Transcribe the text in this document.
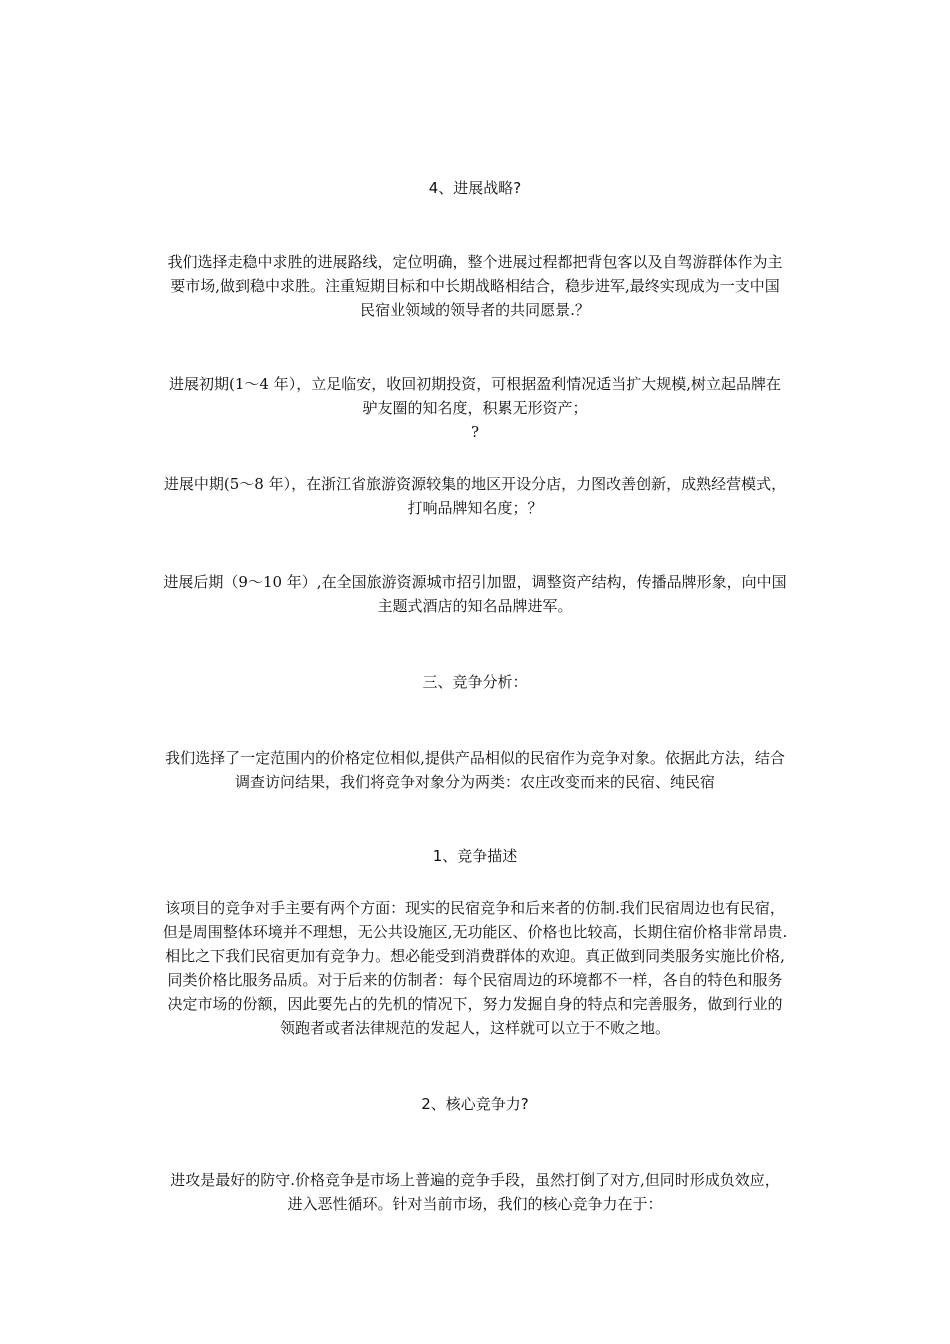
4、进展战略?
我们选择走稳中求胜的进展路线，定位明确，整个进展过程都把背包客以及自驾游群体作为主
要市场,做到稳中求胜。注重短期目标和中长期战略相结合，稳步进军,最终实现成为一支中国
民宿业领域的领导者的共同愿景.？
进展初期(1～4 年），立足临安，收回初期投资，可根据盈利情况适当扩大规模,树立起品牌在
驴友圈的知名度，积累无形资产；
?
进展中期(5～8 年），在浙江省旅游资源较集的地区开设分店，力图改善创新，成熟经营模式，
打响品牌知名度；？
进展后期（9～10 年）,在全国旅游资源城市招引加盟，调整资产结构，传播品牌形象，向中国
主题式酒店的知名品牌进军。
三、竞争分析：
我们选择了一定范围内的价格定位相似,提供产品相似的民宿作为竞争对象。依据此方法，结合
调查访问结果，我们将竞争对象分为两类：农庄改变而来的民宿、纯民宿
1、竞争描述
该项目的竞争对手主要有两个方面：现实的民宿竞争和后来者的仿制.我们民宿周边也有民宿，
但是周围整体环境并不理想，无公共设施区,无功能区、价格也比较高，长期住宿价格非常昂贵.
相比之下我们民宿更加有竞争力。想必能受到消费群体的欢迎。真正做到同类服务实施比价格,
同类价格比服务品质。对于后来的仿制者：每个民宿周边的环境都不一样，各自的特色和服务
决定市场的份额，因此要先占的先机的情况下，努力发掘自身的特点和完善服务，做到行业的
领跑者或者法律规范的发起人，这样就可以立于不败之地。
2、核心竞争力?
进攻是最好的防守.价格竞争是市场上普遍的竞争手段，虽然打倒了对方,但同时形成负效应，
进入恶性循环。针对当前市场，我们的核心竞争力在于：
